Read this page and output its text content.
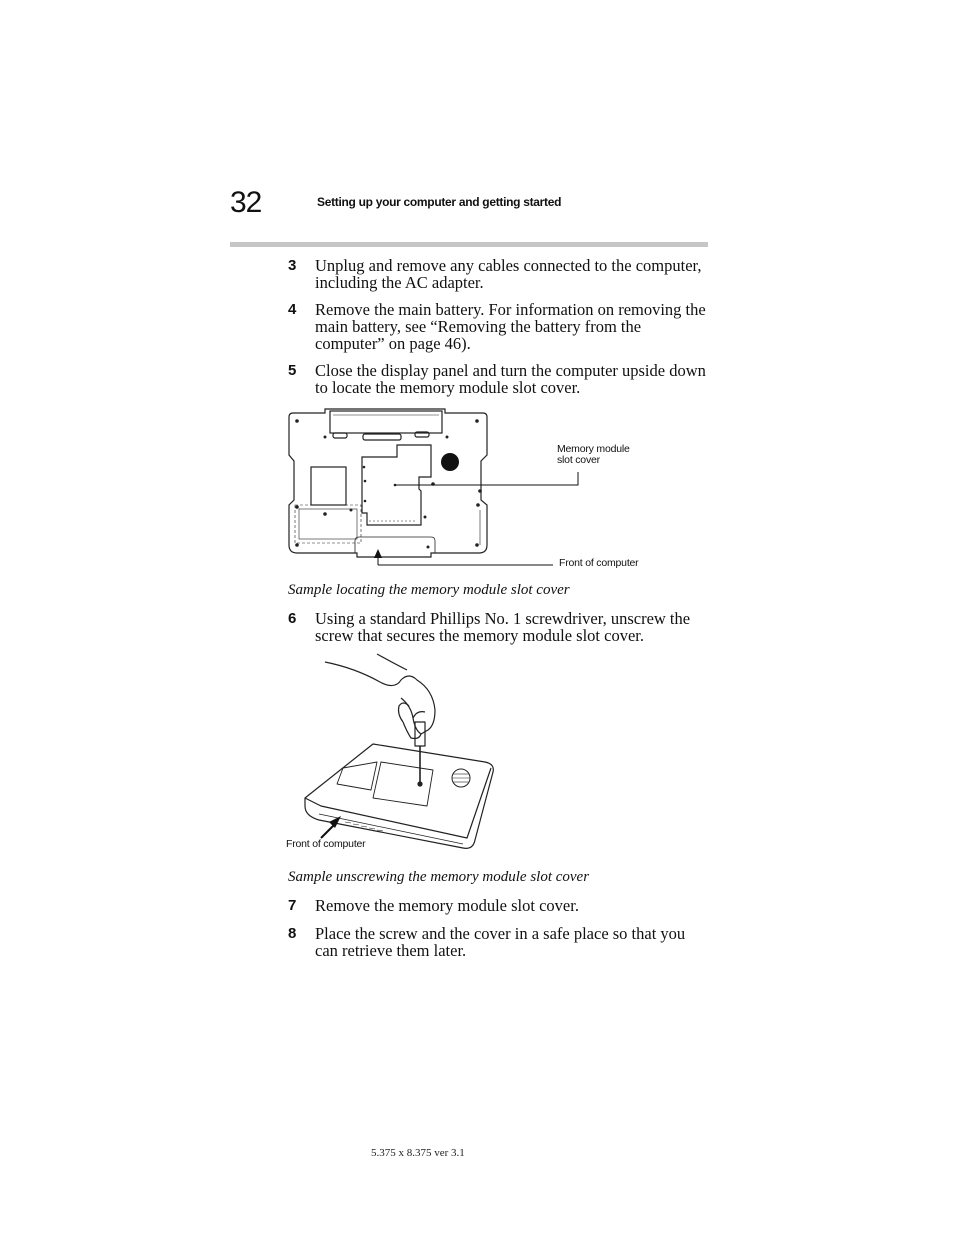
32	Setting up your computer and getting started
3 Unplug and remove any cables connected to the computer, including the AC adapter.
4 Remove the main battery. For information on removing the main battery, see “Removing the battery from the computer” on page 46).
5 Close the display panel and turn the computer upside down to locate the memory module slot cover.
Memory module slot cover
Front of computer
Sample locating the memory module slot cover
6 Using a standard Phillips No. 1 screwdriver, unscrew the screw that secures the memory module slot cover.
Front of computer
Sample unscrewing the memory module slot cover
7 Remove the memory module slot cover.
8 Place the screw and the cover in a safe place so that you can retrieve them later.
5.375 x 8.375 ver 3.1
